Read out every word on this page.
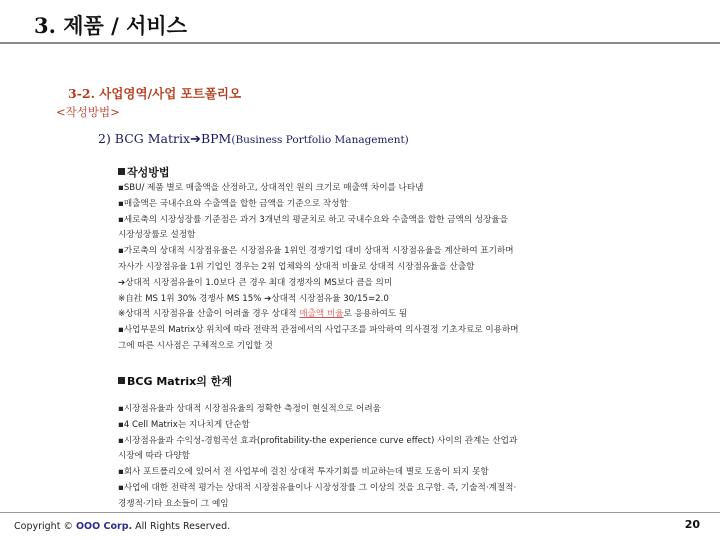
3. 제품 / 서비스
3-2. 사업영역/사업 포트폴리오
<작성방법>
2) BCG Matrix➔BPM(Business Portfolio Management)
작성방법
▪SBU/ 제품 별로 매출액을 산정하고, 상대적인 원의 크기로 매출액 차이를 나타냄
▪매출액은 국내수요와 수출액을 합한 금액을 기준으로 작성함
▪세로축의 시장성장률 기준점은 과거 3개년의 평균치로 하고 국내수요와 수출액을 합한 금액의 성장율을
시장성장률로 설정함
▪가로축의 상대적 시장점유율은 시장점유율 1위인 경쟁기업 대비 상대적 시장점유율을 계산하여 표기하며
자사가 시장점유율 1위 기업인 경우는 2위 업체와의 상대적 비율로 상대적 시장점유율을 산출함
➔상대적 시장점유율이 1.0보다 큰 경우 최대 경쟁자의 MS보다 큼을 의미
※自社 MS 1위 30% 경쟁사 MS 15% ➔상대적 시장점유율 30/15=2.0
※상대적 시장점유율 산출이 어려울 경우 상대적 매출액 비율로 응용하여도 됨
▪사업부문의 Matrix상 위치에 따라 전략적 관점에서의 사업구조를 파악하여 의사결정 기초자료로 이용하며
그에 따른 시사점은 구체적으로 기입할 것
BCG Matrix의 한계
▪시장점유율과 상대적 시장점유율의 정확한 측정이 현실적으로 어려움
▪4 Cell Matrix는 지나치게 단순함
▪시장점유율과 수익성-경험곡선 효과(profitability-the experience curve effect) 사이의 관계는 산업과
시장에 따라 다양함
▪회사 포트폴리오에 있어서 전 사업부에 걸친 상대적 투자기회를 비교하는데 별로 도움이 되지 못함
▪사업에 대한 전략적 평가는 상대적 시장점유율이나 시장성장률 그 이상의 것을 요구함. 즉, 기술적·계절적·
경쟁적·기타 요소들이 그 예임
Copyright © OOO Corp. All Rights Reserved.	20
